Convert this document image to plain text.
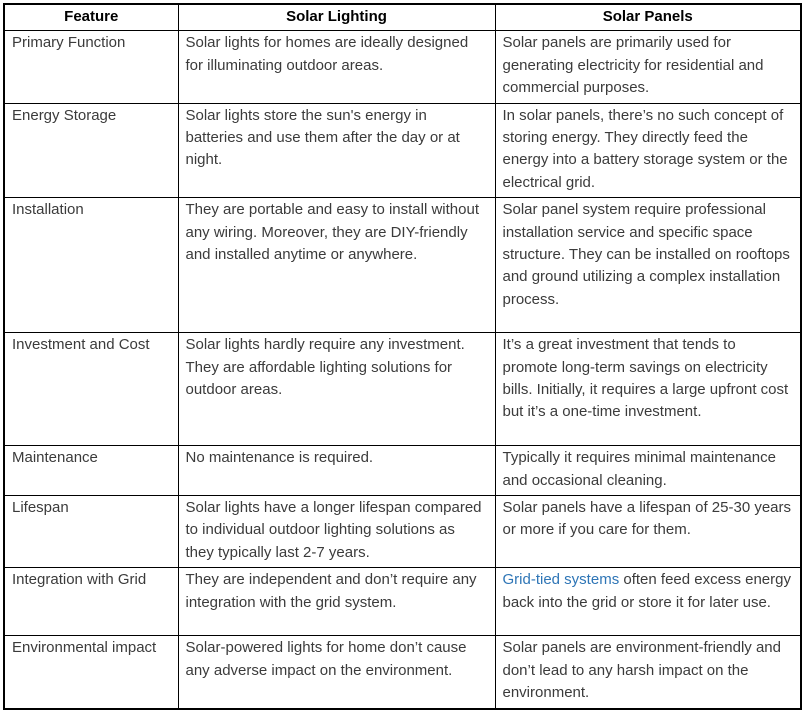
Feature	Solar Lighting	Solar Panels
Primary Function	Solar lights for homes are ideally designed for illuminating outdoor areas.	Solar panels are primarily used for generating electricity for residential and commercial purposes.
Energy Storage	Solar lights store the sun's energy in batteries and use them after the day or at night.	In solar panels, there’s no such concept of storing energy. They directly feed the energy into a battery storage system or the electrical grid.
Installation	They are portable and easy to install without any wiring. Moreover, they are DIY-friendly and installed anytime or anywhere.	Solar panel system require professional installation service and specific space structure. They can be installed on rooftops and ground utilizing a complex installation process.
Investment and Cost	Solar lights hardly require any investment. They are affordable lighting solutions for outdoor areas.	It’s a great investment that tends to promote long-term savings on electricity bills. Initially, it requires a large upfront cost but it’s a one-time investment.
Maintenance	No maintenance is required.	Typically it requires minimal maintenance and occasional cleaning.
Lifespan	Solar lights have a longer lifespan compared to individual outdoor lighting solutions as they typically last 2-7 years.	Solar panels have a lifespan of 25-30 years or more if you care for them.
Integration with Grid	They are independent and don’t require any integration with the grid system.	Grid-tied systems often feed excess energy back into the grid or store it for later use.
Environmental impact	Solar-powered lights for home don’t cause any adverse impact on the environment.	Solar panels are environment-friendly and don’t lead to any harsh impact on the environment.
